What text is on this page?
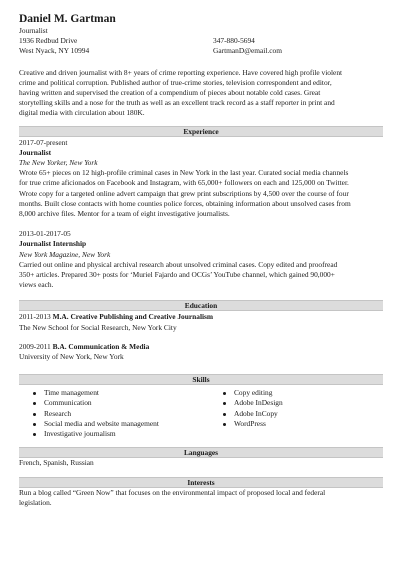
Daniel M. Gartman
Journalist
1936 Redbud Drive
West Nyack, NY 10994

347-880-5694
GartmanD@email.com
Creative and driven journalist with 8+ years of crime reporting experience. Have covered high profile violent
crime and political corruption. Published author of true-crime stories, television correspondent and editor,
having written and supervised the creation of a compendium of pieces about notable cold cases. Great
storytelling skills and a nose for the truth as well as an excellent track record as a staff reporter in print and
digital media with circulation about 180K.
Experience
2017-07-present
Journalist
The New Yorker, New York
Wrote 65+ pieces on 12 high-profile criminal cases in New York in the last year. Curated social media channels
for true crime aficionados on Facebook and Instagram, with 65,000+ followers on each and 125,000 on Twitter.
Wrote copy for a targeted online advert campaign that grew print subscriptions by 4,500 over the course of four
months. Built close contacts with home counties police forces, obtaining information about unsolved cases from
8,000 archive files. Mentor for a team of eight investigative journalists.
2013-01-2017-05
Journalist Internship
New York Magazine, New York
Carried out online and physical archival research about unsolved criminal cases. Copy edited and proofread
350+ articles. Prepared 30+ posts for ‘Muriel Fajardo and OCGs’ YouTube channel, which gained 90,000+
views each.
Education
2011-2013 M.A. Creative Publishing and Creative Journalism
The New School for Social Research, New York City
2009-2011 B.A. Communication & Media
University of New York, New York
Skills
Time management
Communication
Research
Social media and website management
Investigative journalism
Copy editing
Adobe InDesign
Adobe InCopy
WordPress
Languages
French, Spanish, Russian
Interests
Run a blog called “Green Now” that focuses on the environmental impact of proposed local and federal
legislation.
